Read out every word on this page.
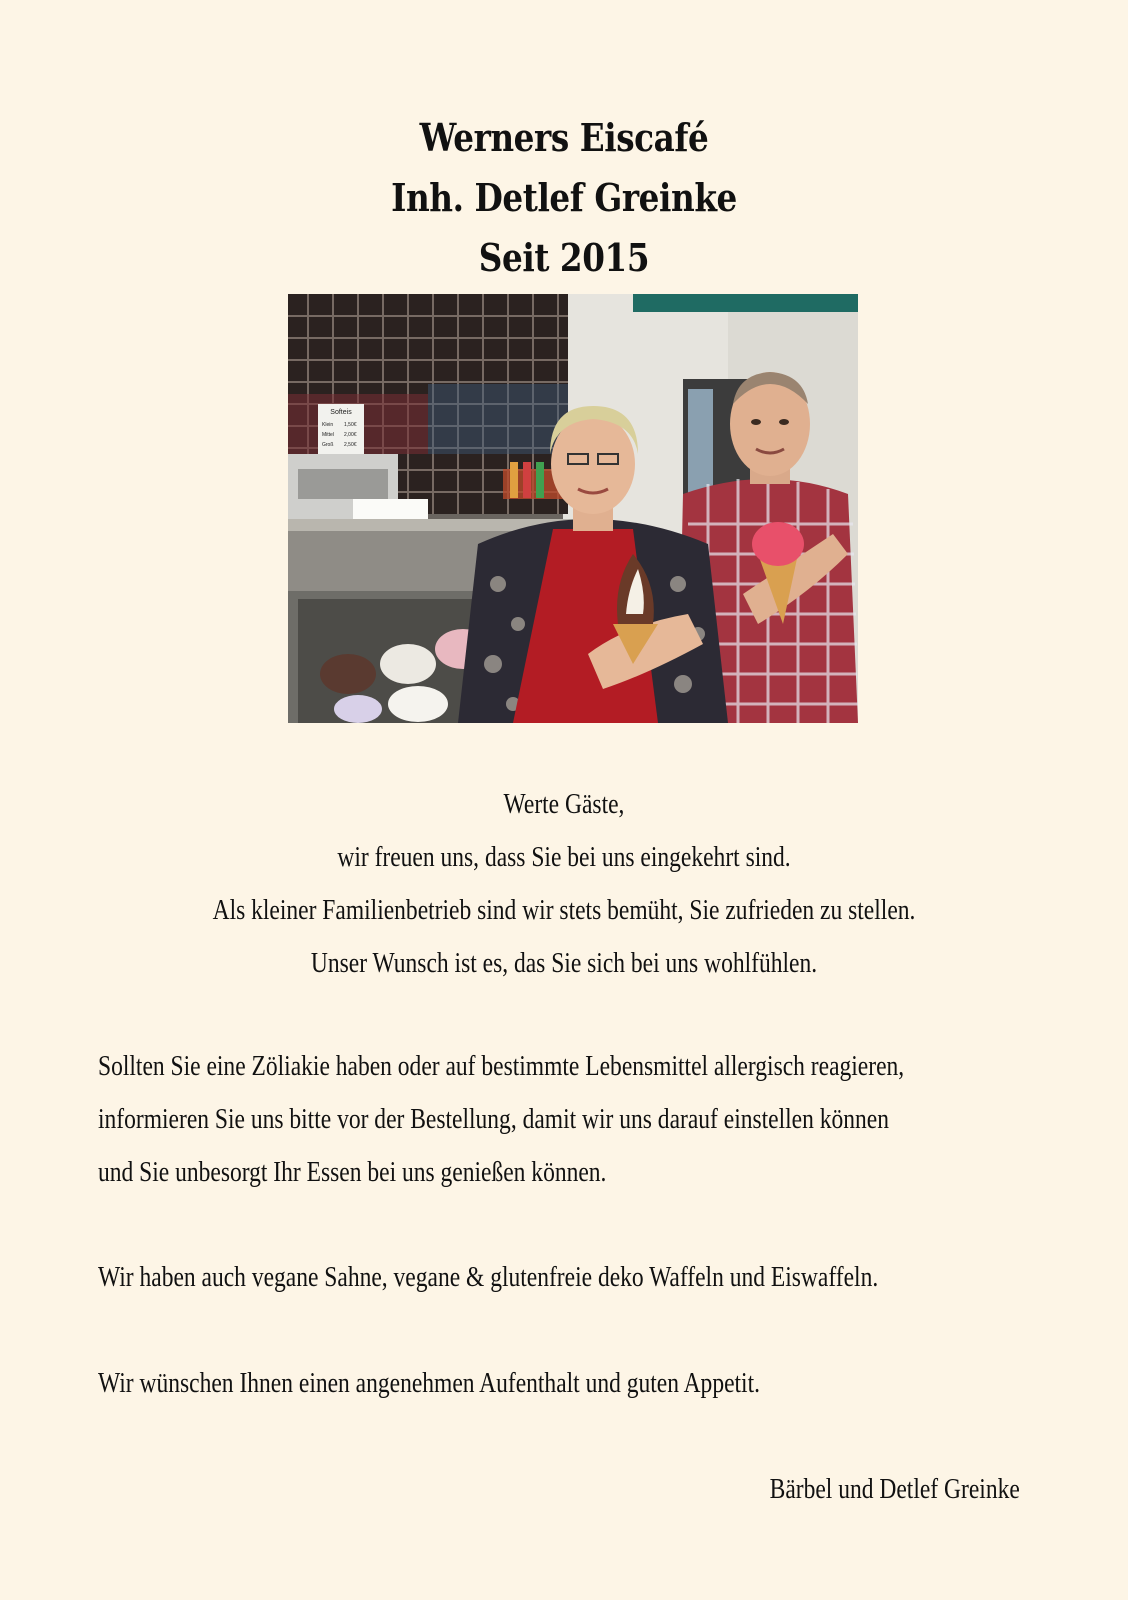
Werners Eiscafé
Inh. Detlef Greinke
Seit 2015
Softeis
Klein 1,50€
Mittel 2,00€
Groß 2,50€
Werte Gäste,
wir freuen uns, dass Sie bei uns eingekehrt sind.
Als kleiner Familienbetrieb sind wir stets bemüht, Sie zufrieden zu stellen.
Unser Wunsch ist es, das Sie sich bei uns wohlfühlen.
Sollten Sie eine Zöliakie haben oder auf bestimmte Lebensmittel allergisch reagieren,
informieren Sie uns bitte vor der Bestellung, damit wir uns darauf einstellen können
und Sie unbesorgt Ihr Essen bei uns genießen können.
Wir haben auch vegane Sahne, vegane & glutenfreie deko Waffeln und Eiswaffeln.
Wir wünschen Ihnen einen angenehmen Aufenthalt und guten Appetit.
Bärbel und Detlef Greinke
